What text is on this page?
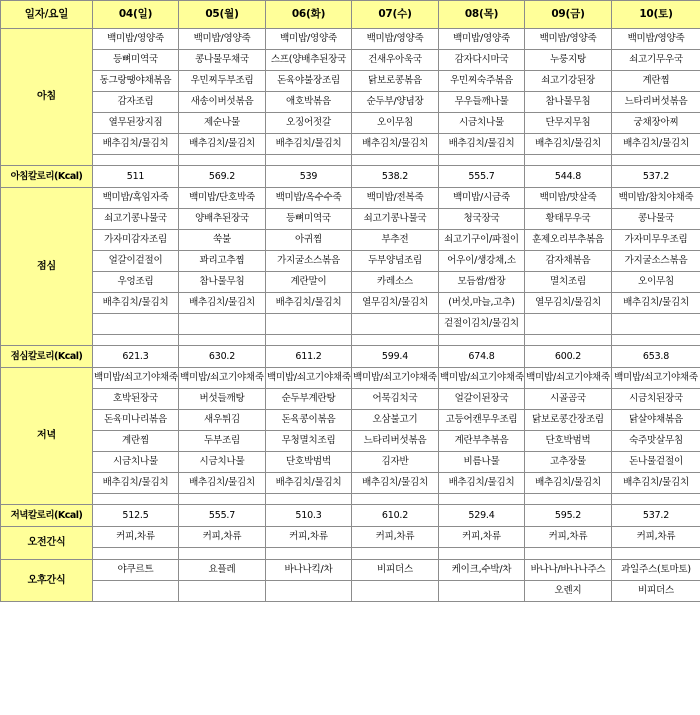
일자/요일	04(일)	05(월)	06(화)	07(수)	08(목)	09(금)	10(토)
아침	백미밥/영양죽	백미밥/영양죽	백미밥/영양죽	백미밥/영양죽	백미밥/영양죽	백미밥/영양죽	백미밥/영양죽
	등뼈미역국	콩나물무채국	스프(양배추된장국	건새우아욱국	감자다시마국	누룽지탕	쇠고기무우국
	동그랑땡야채볶음	우민찌두부조림	돈육야불장조림	닭보로콩볶음	우민찌숙주볶음	쇠고기강된장	계란찜
	감자조림	새송이버섯볶음	애호박볶음	순두부/양념장	무우들깨나물	참나물무침	느타리버섯볶음
	열무된장지짐	제순나물	오징어젓갈	오이무침	시금치나물	단무지무침	궁채장아찌
	배추김치/물김치	배추김치/물김치	배추김치/물김치	배추김치/물김치	배추김치/물김치	배추김치/물김치	배추김치/물김치

아침칼로리(Kcal)	511	569.2	539	538.2	555.7	544.8	537.2
점심	백미밥/흑임자죽	백미밥/단호박죽	백미밥/옥수수죽	백미밥/전복죽	백미밥/시금죽	백미밥/맛살죽	백미밥/참치야채죽
	쇠고기콩나물국	양배추된장국	등뼈미역국	쇠고기콩나물국	청국장국	황태무우국	콩나물국
	가자미감자조림	쑥불	아귀찜	부추전	쇠고기구이/파절이	훈제오리부추볶음	가자미무우조림
	얼갈이겉절이	꽈리고추찜	가지굴소스볶음	두부양념조림	어우이/생강채,소	감자채볶음	가지굴소스볶음
	우엉조림	참나물무침	계란말이	카레소스	모듬쌈/쌈장	멸치조림	오이무침
	배추김치/물김치	배추김치/물김치	배추김치/물김치	열무김치/물김치	(버섯,마늘,고추)	열무김치/물김치	배추김치/물김치
					겉절이김치/물김치		

점심칼로리(Kcal)	621.3	630.2	611.2	599.4	674.8	600.2	653.8
저녁	백미밥/쇠고기야채죽	백미밥/쇠고기야채죽	백미밥/쇠고기야채죽	백미밥/쇠고기야채죽	백미밥/쇠고기야채죽	백미밥/쇠고기야채죽	백미밥/쇠고기야채죽
	호박된장국	버섯들깨탕	순두부계란탕	어묵김치국	얼갈이된장국	시골곰국	시금치된장국
	돈육미나리볶음	새우튀김	돈육콩이볶음	오삼불고기	고등어캔무우조림	닭보로콩간장조림	닭살야채볶음
	계란찜	두부조림	무청멸치조림	느타리버섯볶음	계란부추볶음	단호박범벅	숙주맛살무침
	시금치나물	시금치나물	단호박범벅	김자반	비름나물	고추장물	돈나물겉절이
	배추김치/물김치	배추김치/물김치	배추김치/물김치	배추김치/물김치	배추김치/물김치	배추김치/물김치	배추김치/물김치

저녁칼로리(Kcal)	512.5	555.7	510.3	610.2	529.4	595.2	537.2
오전간식	커피,차류	커피,차류	커피,차류	커피,차류	커피,차류	커피,차류	커피,차류

오후간식	야쿠르트	요플레	바나나킥/차	비피더스	케이크,수박/차	바나나/바나나주스	과일주스(토마토)
						오렌지	비피더스
